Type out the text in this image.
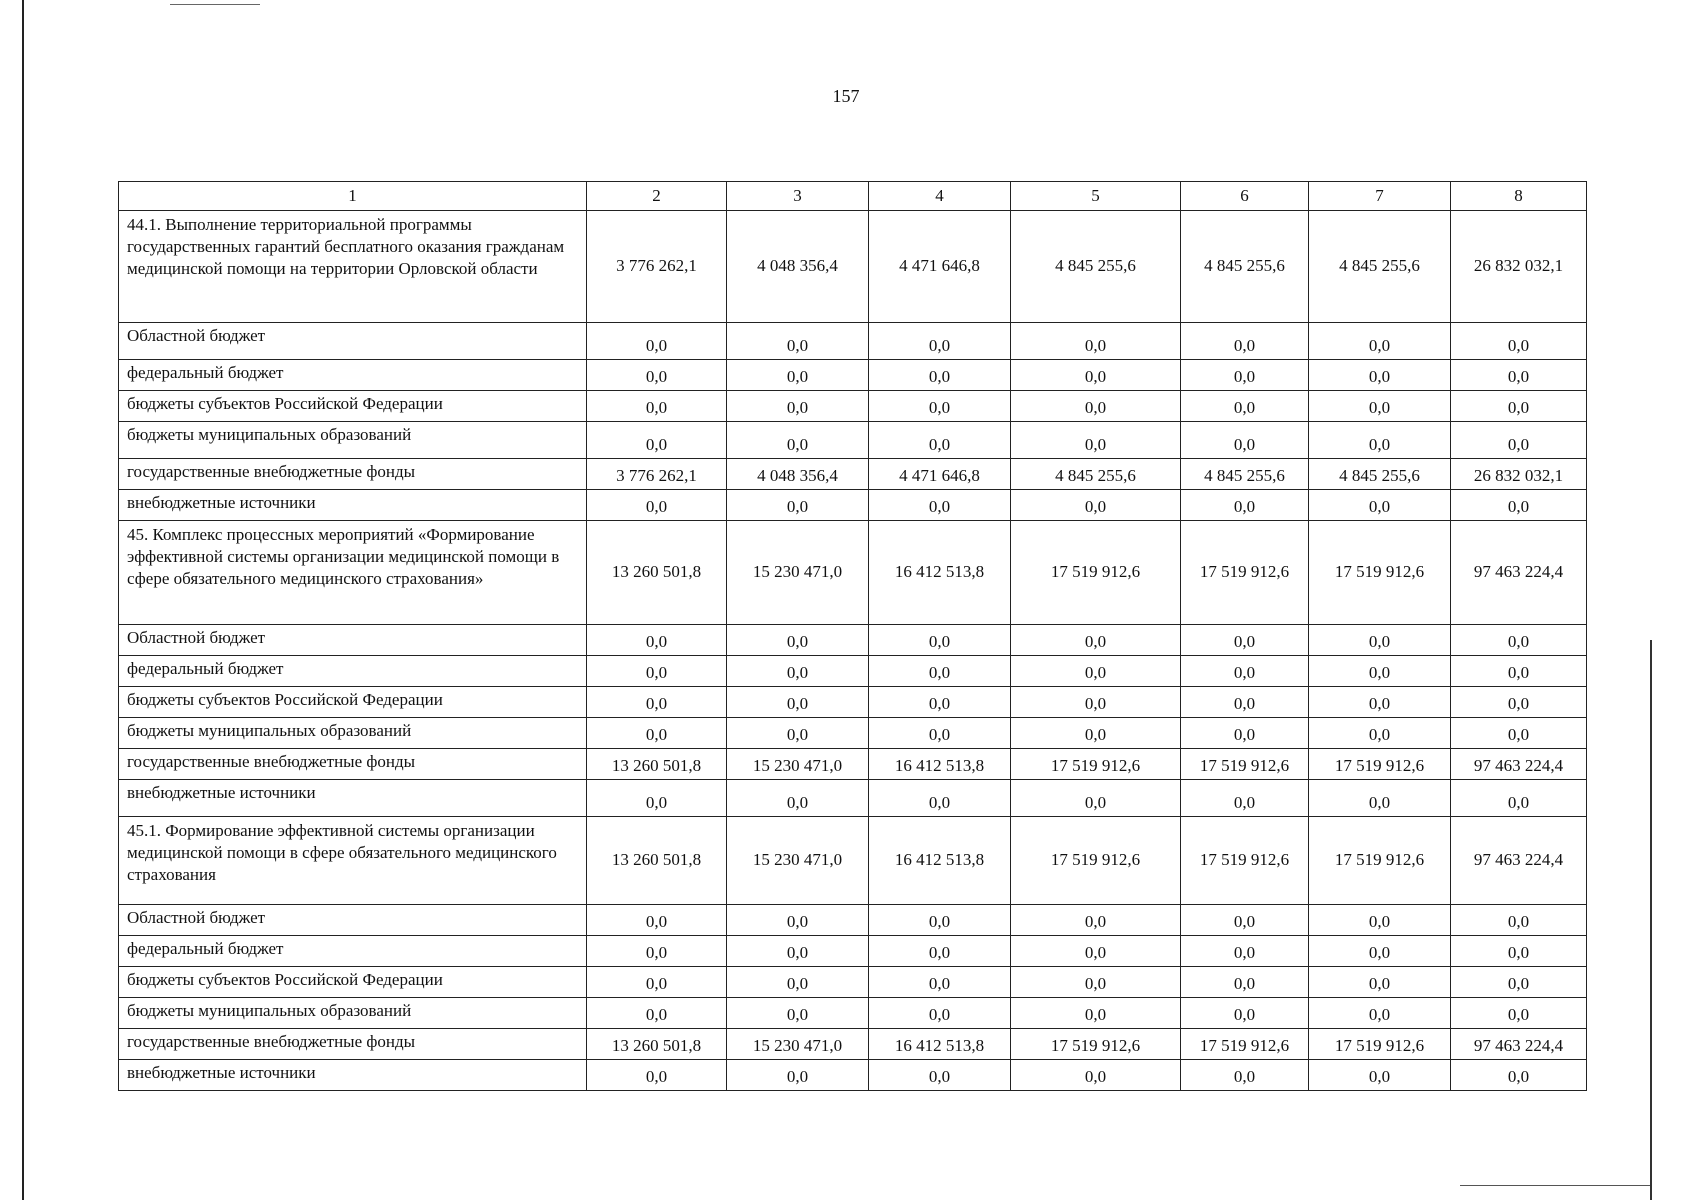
157
1	2	3	4	5	6	7	8
44.1. Выполнение территориальной программы государственных гарантий бесплатного оказания гражданам медицинской помощи на территории Орловской области	3 776 262,1	4 048 356,4	4 471 646,8	4 845 255,6	4 845 255,6	4 845 255,6	26 832 032,1
Областной бюджет	0,0	0,0	0,0	0,0	0,0	0,0	0,0
федеральный бюджет	0,0	0,0	0,0	0,0	0,0	0,0	0,0
бюджеты субъектов Российской Федерации	0,0	0,0	0,0	0,0	0,0	0,0	0,0
бюджеты муниципальных образований	0,0	0,0	0,0	0,0	0,0	0,0	0,0
государственные внебюджетные фонды	3 776 262,1	4 048 356,4	4 471 646,8	4 845 255,6	4 845 255,6	4 845 255,6	26 832 032,1
внебюджетные источники	0,0	0,0	0,0	0,0	0,0	0,0	0,0
45. Комплекс процессных мероприятий «Формирование эффективной системы организации медицинской помощи в сфере обязательного медицинского страхования»	13 260 501,8	15 230 471,0	16 412 513,8	17 519 912,6	17 519 912,6	17 519 912,6	97 463 224,4
Областной бюджет	0,0	0,0	0,0	0,0	0,0	0,0	0,0
федеральный бюджет	0,0	0,0	0,0	0,0	0,0	0,0	0,0
бюджеты субъектов Российской Федерации	0,0	0,0	0,0	0,0	0,0	0,0	0,0
бюджеты муниципальных образований	0,0	0,0	0,0	0,0	0,0	0,0	0,0
государственные внебюджетные фонды	13 260 501,8	15 230 471,0	16 412 513,8	17 519 912,6	17 519 912,6	17 519 912,6	97 463 224,4
внебюджетные источники	0,0	0,0	0,0	0,0	0,0	0,0	0,0
45.1. Формирование эффективной системы организации медицинской помощи в сфере обязательного медицинского страхования	13 260 501,8	15 230 471,0	16 412 513,8	17 519 912,6	17 519 912,6	17 519 912,6	97 463 224,4
Областной бюджет	0,0	0,0	0,0	0,0	0,0	0,0	0,0
федеральный бюджет	0,0	0,0	0,0	0,0	0,0	0,0	0,0
бюджеты субъектов Российской Федерации	0,0	0,0	0,0	0,0	0,0	0,0	0,0
бюджеты муниципальных образований	0,0	0,0	0,0	0,0	0,0	0,0	0,0
государственные внебюджетные фонды	13 260 501,8	15 230 471,0	16 412 513,8	17 519 912,6	17 519 912,6	17 519 912,6	97 463 224,4
внебюджетные источники	0,0	0,0	0,0	0,0	0,0	0,0	0,0
